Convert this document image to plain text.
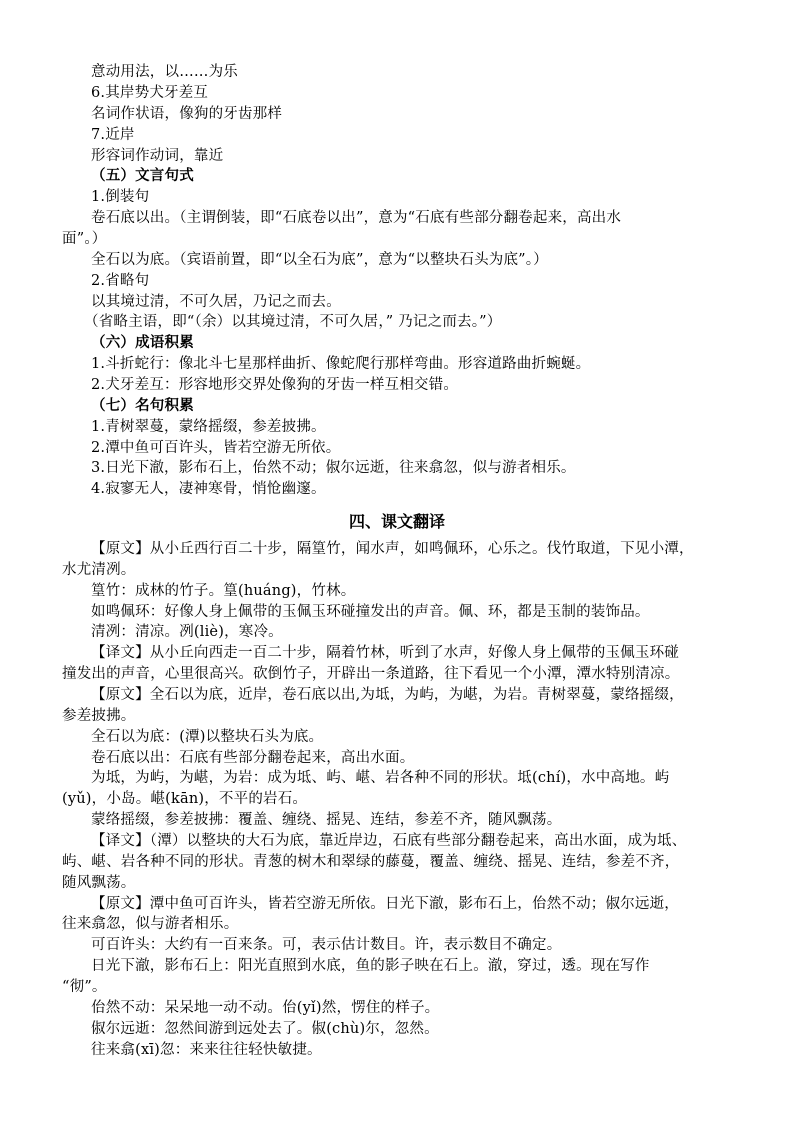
意动用法，以……为乐
6.其岸势犬牙差互
名词作状语，像狗的牙齿那样
7.近岸
形容词作动词，靠近
（五）文言句式
1.倒装句
卷石底以出。（主谓倒装，即“石底卷以出”，意为“石底有些部分翻卷起来，高出水
面”。）
全石以为底。（宾语前置，即“以全石为底”，意为“以整块石头为底”。）
2.省略句
以其境过清，不可久居，乃记之而去。
（省略主语，即“（余）以其境过清，不可久居，” 乃记之而去。”）
（六）成语积累
1.斗折蛇行：像北斗七星那样曲折、像蛇爬行那样弯曲。形容道路曲折蜿蜒。
2.犬牙差互：形容地形交界处像狗的牙齿一样互相交错。
（七）名句积累
1.青树翠蔓，蒙络摇缀，参差披拂。
2.潭中鱼可百许头，皆若空游无所依。
3.日光下澈，影布石上，佁然不动；俶尔远逝，往来翕忽，似与游者相乐。
4.寂寥无人，凄神寒骨，悄怆幽邃。
四、课文翻译
【原文】从小丘西行百二十步，隔篁竹，闻水声，如鸣佩环，心乐之。伐竹取道，下见小潭，
水尤清冽。
篁竹：成林的竹子。篁(huáng)，竹林。
如鸣佩环：好像人身上佩带的玉佩玉环碰撞发出的声音。佩、环，都是玉制的装饰品。
清冽：清凉。冽(liè)，寒冷。
【译文】从小丘向西走一百二十步，隔着竹林，听到了水声，好像人身上佩带的玉佩玉环碰
撞发出的声音，心里很高兴。砍倒竹子，开辟出一条道路，往下看见一个小潭，潭水特别清凉。
【原文】全石以为底，近岸，卷石底以出,为坻，为屿，为嵁，为岩。青树翠蔓，蒙络摇缀，
参差披拂。
全石以为底：(潭)以整块石头为底。
卷石底以出：石底有些部分翻卷起来，高出水面。
为坻，为屿，为嵁，为岩：成为坻、屿、嵁、岩各种不同的形状。坻(chí)，水中高地。屿
(yǔ)，小岛。嵁(kān)，不平的岩石。
蒙络摇缀，参差披拂：覆盖、缠绕、摇晃、连结，参差不齐，随风飘荡。
【译文】（潭）以整块的大石为底，靠近岸边，石底有些部分翻卷起来，高出水面，成为坻、
屿、嵁、岩各种不同的形状。青葱的树木和翠绿的藤蔓，覆盖、缠绕、摇晃、连结，参差不齐，
随风飘荡。
【原文】潭中鱼可百许头，皆若空游无所依。日光下澈，影布石上，佁然不动；俶尔远逝，
往来翕忽，似与游者相乐。
可百许头：大约有一百来条。可，表示估计数目。许，表示数目不确定。
日光下澈，影布石上：阳光直照到水底，鱼的影子映在石上。澈，穿过，透。现在写作
“彻”。
佁然不动：呆呆地一动不动。佁(yǐ)然，愣住的样子。
俶尔远逝：忽然间游到远处去了。俶(chù)尔，忽然。
往来翕(xī)忽：来来往往轻快敏捷。
